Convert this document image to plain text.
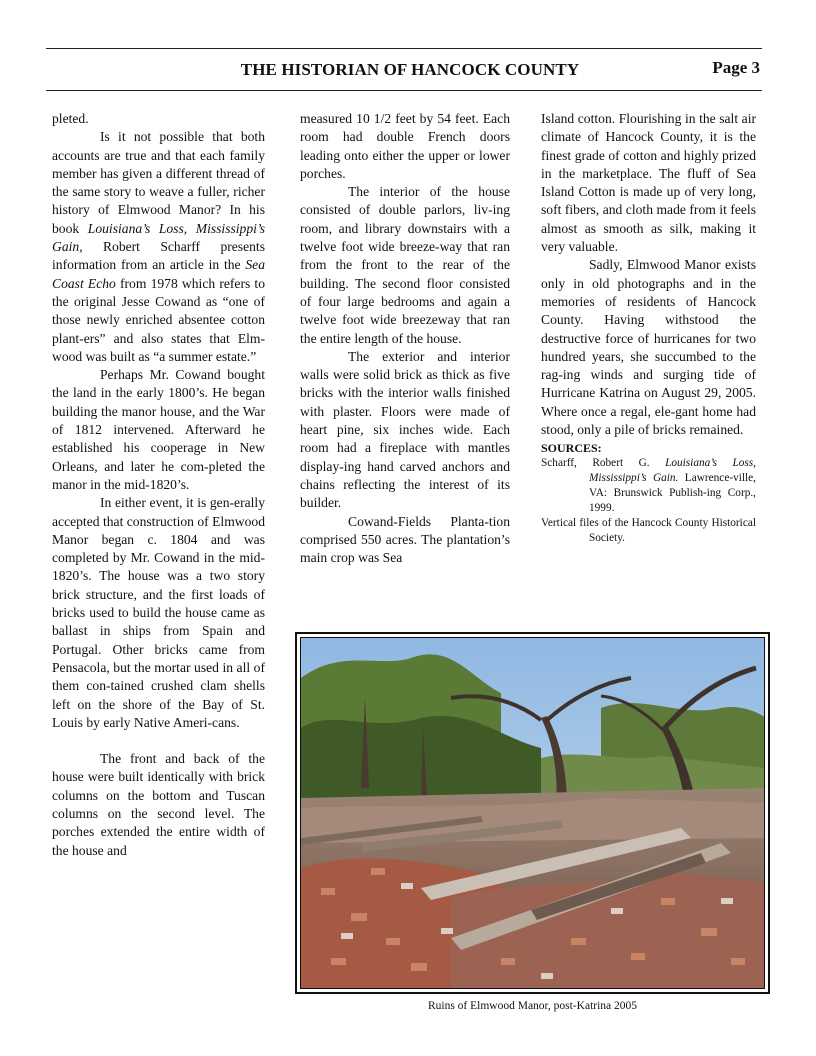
THE HISTORIAN OF HANCOCK COUNTY	Page 3

pleted.

Is it not possible that both accounts are true and that each family member has given a different thread of the same story to weave a fuller, richer history of Elmwood Manor? In his book Louisiana’s Loss, Mississippi’s Gain, Robert Scharff presents information from an article in the Sea Coast Echo from 1978 which refers to the original Jesse Cowand as “one of those newly enriched absentee cotton plant-ers” and also states that Elm-wood was built as “a summer estate.”

Perhaps Mr. Cowand bought the land in the early 1800’s. He began building the manor house, and the War of 1812 intervened. Afterward he established his cooperage in New Orleans, and later he com-pleted the manor in the mid-1820’s.

In either event, it is gen-erally accepted that construction of Elmwood Manor began c. 1804 and was completed by Mr. Cowand in the mid-1820’s. The house was a two story brick structure, and the first loads of bricks used to build the house came as ballast in ships from Spain and Portugal. Other bricks came from Pensacola, but the mortar used in all of them con-tained crushed clam shells left on the shore of the Bay of St. Louis by early Native Ameri-cans.

The front and back of the house were built identically with brick columns on the bottom and Tuscan columns on the second level. The porches extended the entire width of the house and

measured 10 1/2 feet by 54 feet. Each room had double French doors leading onto either the upper or lower porches.

The interior of the house consisted of double parlors, liv-ing room, and library downstairs with a twelve foot wide breeze-way that ran from the front to the rear of the building. The second floor consisted of four large bedrooms and again a twelve foot wide breezeway that ran the entire length of the house.

The exterior and interior walls were solid brick as thick as five bricks with the interior walls finished with plaster. Floors were made of heart pine, six inches wide. Each room had a fireplace with mantles display-ing hand carved anchors and chains reflecting the interest of its builder.

Cowand-Fields Planta-tion comprised 550 acres. The plantation’s main crop was Sea

Island cotton. Flourishing in the salt air climate of Hancock County, it is the finest grade of cotton and highly prized in the marketplace. The fluff of Sea Island Cotton is made up of very long, soft fibers, and cloth made from it feels almost as smooth as silk, making it very valuable.

Sadly, Elmwood Manor exists only in old photographs and in the memories of residents of Hancock County. Having withstood the destructive force of hurricanes for two hundred years, she succumbed to the rag-ing winds and surging tide of Hurricane Katrina on August 29, 2005. Where once a regal, ele-gant home had stood, only a pile of bricks remained.

SOURCES:

Scharff, Robert G. Louisiana’s Loss, Mississippi’s Gain. Lawrence-ville, VA: Brunswick Publish-ing Corp., 1999.

Vertical files of the Hancock County Historical Society.

Ruins of Elmwood Manor, post-Katrina 2005
